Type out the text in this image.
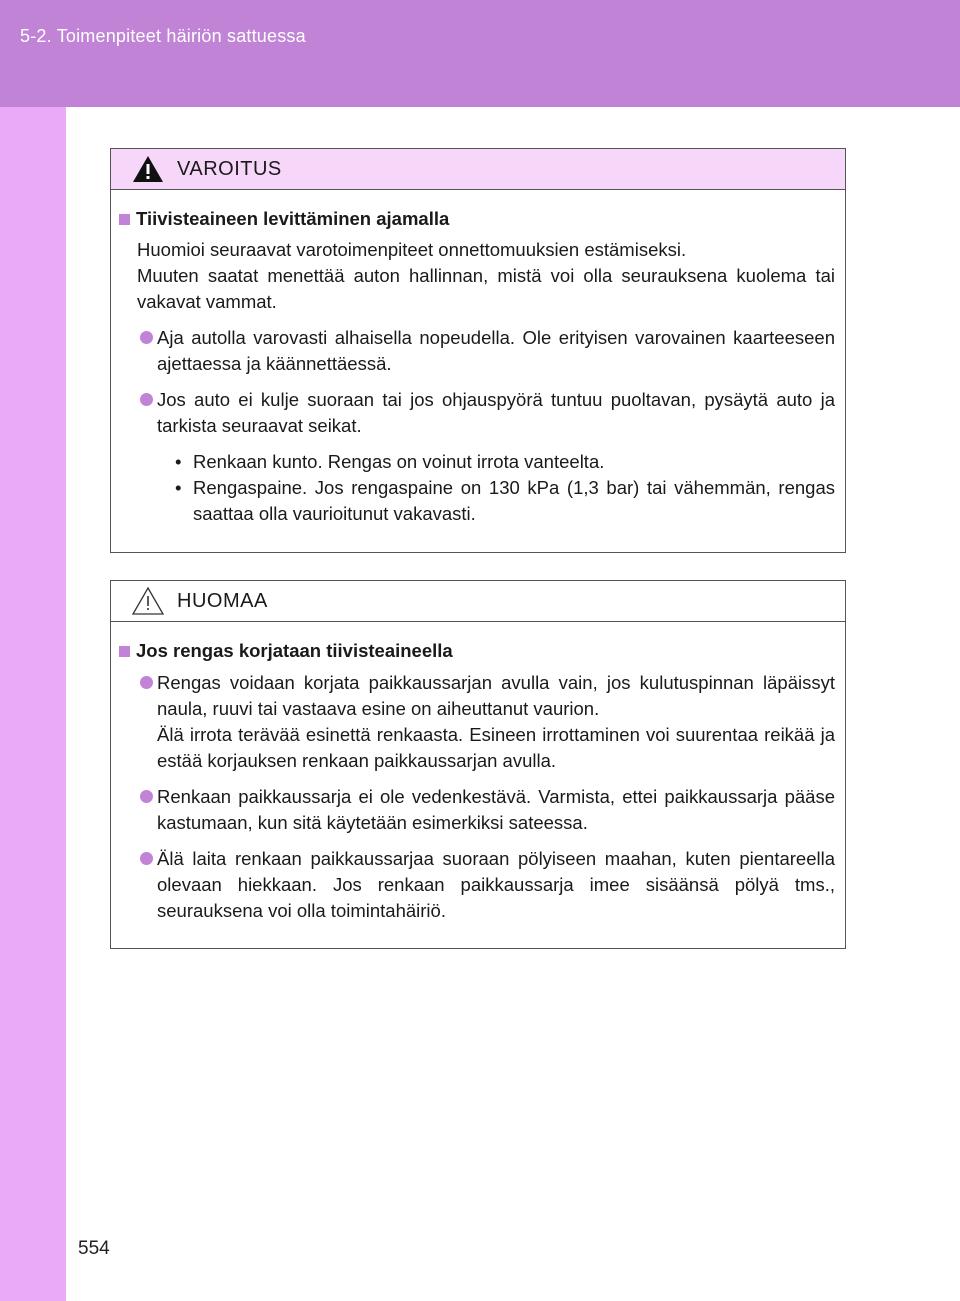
5-2. Toimenpiteet häiriön sattuessa
VAROITUS
Tiivisteaineen levittäminen ajamalla
Huomioi seuraavat varotoimenpiteet onnettomuuksien estämiseksi.
Muuten saatat menettää auton hallinnan, mistä voi olla seurauksena kuolema tai vakavat vammat.
Aja autolla varovasti alhaisella nopeudella. Ole erityisen varovainen kaarteeseen ajettaessa ja käännettäessä.
Jos auto ei kulje suoraan tai jos ohjauspyörä tuntuu puoltavan, pysäytä auto ja tarkista seuraavat seikat.
• Renkaan kunto. Rengas on voinut irrota vanteelta.
• Rengaspaine. Jos rengaspaine on 130 kPa (1,3 bar) tai vähemmän, rengas saattaa olla vaurioitunut vakavasti.
HUOMAA
Jos rengas korjataan tiivisteaineella
Rengas voidaan korjata paikkaussarjan avulla vain, jos kulutuspinnan läpäissyt naula, ruuvi tai vastaava esine on aiheuttanut vaurion.
Älä irrota terävää esinettä renkaasta. Esineen irrottaminen voi suurentaa reikää ja estää korjauksen renkaan paikkaussarjan avulla.
Renkaan paikkaussarja ei ole vedenkestävä. Varmista, ettei paikkaussarja pääse kastumaan, kun sitä käytetään esimerkiksi sateessa.
Älä laita renkaan paikkaussarjaa suoraan pölyiseen maahan, kuten pientareella olevaan hiekkaan. Jos renkaan paikkaussarja imee sisäänsä pölyä tms., seurauksena voi olla toimintahäiriö.
554
